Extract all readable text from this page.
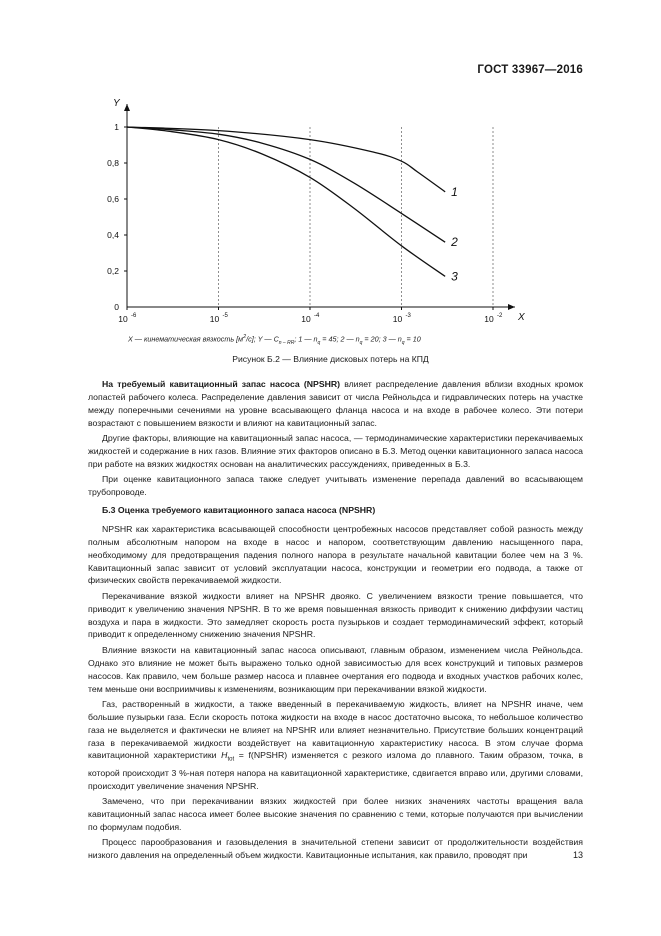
ГОСТ 33967—2016
Y
X
0
0,2
0,4
0,6
0,8
1
10 -6	10 -5	10 -4	10 -3	10 -2
1
2
3
X — кинематическая вязкость $[м^2/c]$; Y — $C_{n - RR}$; 1 — $n_q = 45$; 2 — $n_q = 20$; 3 — $n_q = 10$
Рисунок Б.2 — Влияние дисковых потерь на КПД

На требуемый кавитационный запас насоса (NPSHR) влияет распределение давления вблизи входных кромок лопастей рабочего колеса. Распределение давления зависит от числа Рейнольдса и гидравлических потерь на участке между поперечными сечениями на уровне всасывающего фланца насоса и на входе в рабочее колесо. Эти потери возрастают с повышением вязкости и влияют на кавитационный запас.

Другие факторы, влияющие на кавитационный запас насоса, — термодинамические характеристики перекачиваемых жидкостей и содержание в них газов. Влияние этих факторов описано в Б.3. Метод оценки кавитационного запаса насоса при работе на вязких жидкостях основан на аналитических рассуждениях, приведенных в Б.3.

При оценке кавитационного запаса также следует учитывать изменение перепада давлений во всасывающем трубопроводе.

Б.3 Оценка требуемого кавитационного запаса насоса (NPSHR)

NPSHR как характеристика всасывающей способности центробежных насосов представляет собой разность между полным абсолютным напором на входе в насос и напором, соответствующим давлению насыщенного пара, необходимому для предотвращения падения полного напора в результате начальной кавитации более чем на 3 %. Кавитационный запас зависит от условий эксплуатации насоса, конструкции и геометрии его подвода, а также от физических свойств перекачиваемой жидкости.

Перекачивание вязкой жидкости влияет на NPSHR двояко. С увеличением вязкости трение повышается, что приводит к увеличению значения NPSHR. В то же время повышенная вязкость приводит к снижению диффузии частиц воздуха и пара в жидкости. Это замедляет скорость роста пузырьков и создает термодинамический эффект, который приводит к определенному снижению значения NPSHR.

Влияние вязкости на кавитационный запас насоса описывают, главным образом, изменением числа Рейнольдса. Однако это влияние не может быть выражено только одной зависимостью для всех конструкций и типовых размеров насосов. Как правило, чем больше размер насоса и плавнее очертания его подвода и входных участков рабочих колес, тем меньше они восприимчивы к изменениям, возникающим при перекачивании вязкой жидкости.

Газ, растворенный в жидкости, а также введенный в перекачиваемую жидкость, влияет на NPSHR иначе, чем большие пузырьки газа. Если скорость потока жидкости на входе в насос достаточно высока, то небольшое количество газа не выделяется и фактически не влияет на NPSHR или влияет незначительно. Присутствие больших концентраций газа в перекачиваемой жидкости воздействует на кавитационную характеристику насоса. В этом случае форма кавитационной характеристики $H_{tot}$ = f(NPSHR) изменяется с резкого излома до плавного. Таким образом, точка, в которой происходит 3 %-ная потеря напора на кавитационной характеристике, сдвигается вправо или, другими словами, происходит увеличение значения NPSHR.

Замечено, что при перекачивании вязких жидкостей при более низких значениях частоты вращения вала кавитационный запас насоса имеет более высокие значения по сравнению с теми, которые получаются при вычислении по формулам подобия.

Процесс парообразования и газовыделения в значительной степени зависит от продолжительности воздействия низкого давления на определенный объем жидкости. Кавитационные испытания, как правило, проводят при	13
